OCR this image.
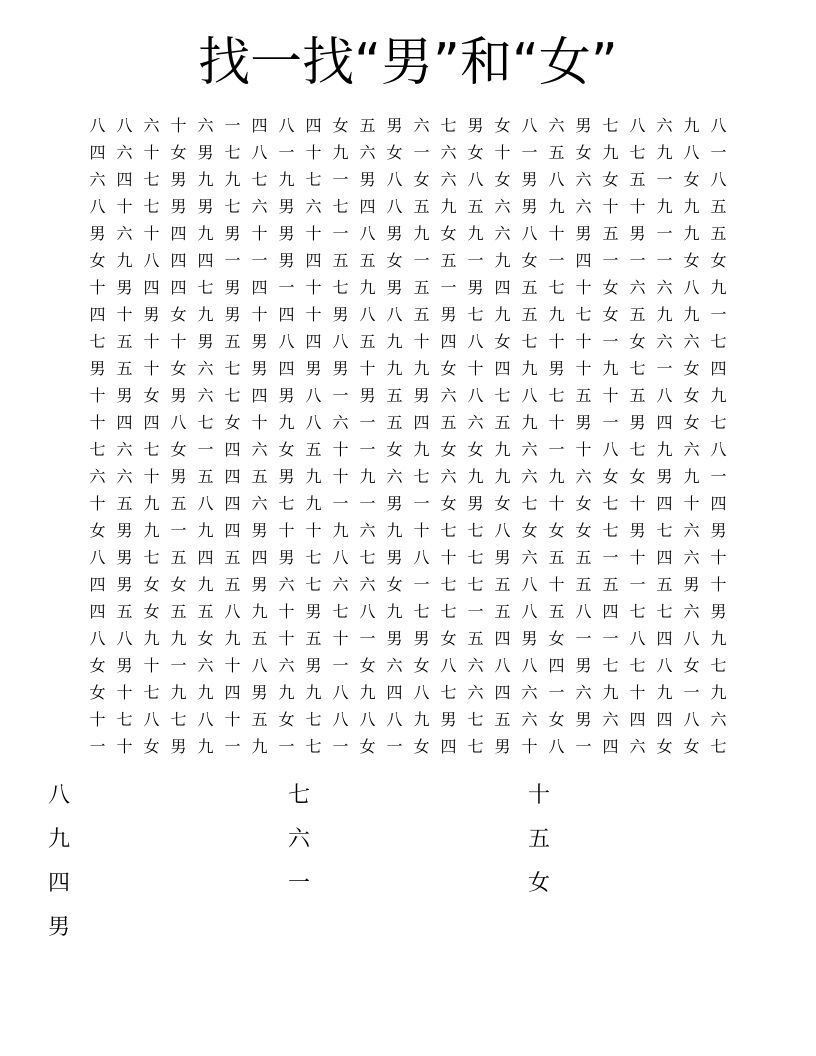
找一找“男”和“女”
八 八 六 十 六 一 四 八 四 女 五 男 六 七 男 女 八 六 男 七 八 六 九 八
四 六 十 女 男 七 八 一 十 九 六 女 一 六 女 十 一 五 女 九 七 九 八 一
六 四 七 男 九 九 七 九 七 一 男 八 女 六 八 女 男 八 六 女 五 一 女 八
八 十 七 男 男 七 六 男 六 七 四 八 五 九 五 六 男 九 六 十 十 九 九 五
男 六 十 四 九 男 十 男 十 一 八 男 九 女 九 六 八 十 男 五 男 一 九 五
女 九 八 四 四 一 一 男 四 五 五 女 一 五 一 九 女 一 四 一 一 一 女 女
十 男 四 四 七 男 四 一 十 七 九 男 五 一 男 四 五 七 十 女 六 六 八 九
四 十 男 女 九 男 十 四 十 男 八 八 五 男 七 九 五 九 七 女 五 九 九 一
七 五 十 十 男 五 男 八 四 八 五 九 十 四 八 女 七 十 十 一 女 六 六 七
男 五 十 女 六 七 男 四 男 男 十 九 九 女 十 四 九 男 十 九 七 一 女 四
十 男 女 男 六 七 四 男 八 一 男 五 男 六 八 七 八 七 五 十 五 八 女 九
十 四 四 八 七 女 十 九 八 六 一 五 四 五 六 五 九 十 男 一 男 四 女 七
七 六 七 女 一 四 六 女 五 十 一 女 九 女 女 九 六 一 十 八 七 九 六 八
六 六 十 男 五 四 五 男 九 十 九 六 七 六 九 九 六 九 六 女 女 男 九 一
十 五 九 五 八 四 六 七 九 一 一 男 一 女 男 女 七 十 女 七 十 四 十 四
女 男 九 一 九 四 男 十 十 九 六 九 十 七 七 八 女 女 女 七 男 七 六 男
八 男 七 五 四 五 四 男 七 八 七 男 八 十 七 男 六 五 五 一 十 四 六 十
四 男 女 女 九 五 男 六 七 六 六 女 一 七 七 五 八 十 五 五 一 五 男 十
四 五 女 五 五 八 九 十 男 七 八 九 七 七 一 五 八 五 八 四 七 七 六 男
八 八 九 九 女 九 五 十 五 十 一 男 男 女 五 四 男 女 一 一 八 四 八 九
女 男 十 一 六 十 八 六 男 一 女 六 女 八 六 八 八 四 男 七 七 八 女 七
女 十 七 九 九 四 男 九 九 八 九 四 八 七 六 四 六 一 六 九 十 九 一 九
十 七 八 七 八 十 五 女 七 八 八 八 九 男 七 五 六 女 男 六 四 四 八 六
一 十 女 男 九 一 九 一 七 一 女 一 女 四 七 男 十 八 一 四 六 女 女 七
八	七	十
九	六	五
四	一	女
男
